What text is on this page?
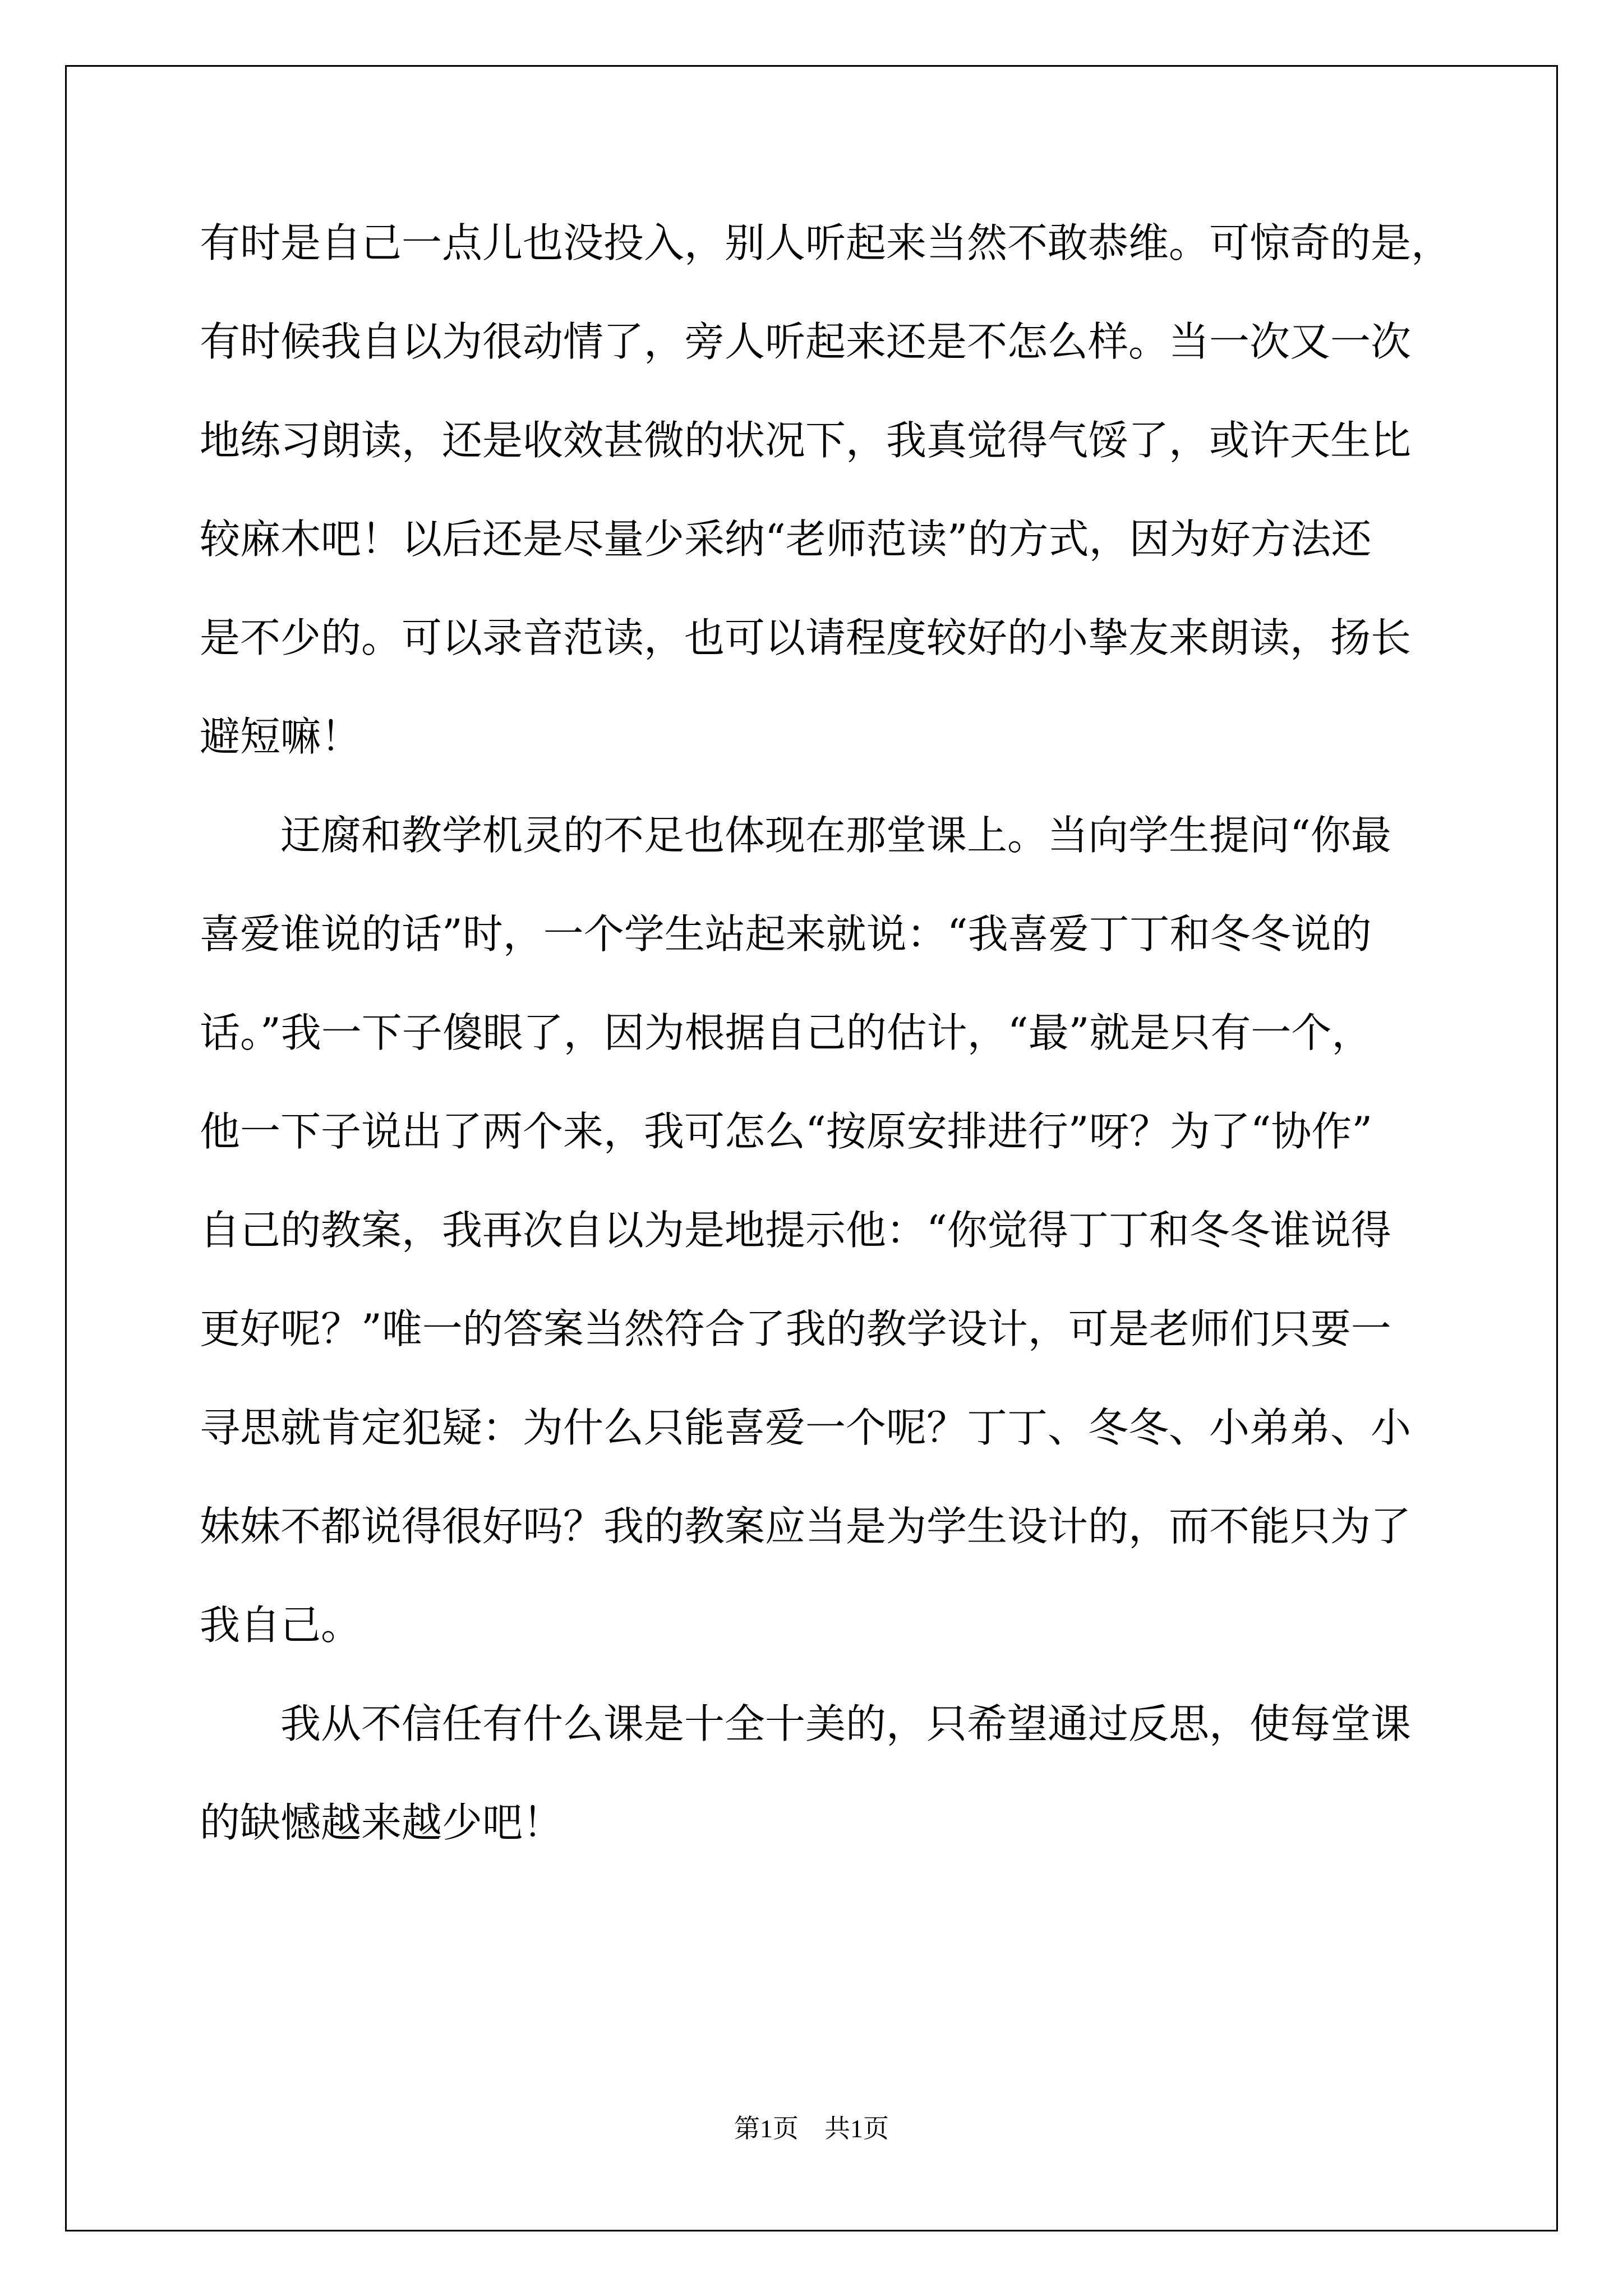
有时是自己一点儿也没投入，别人听起来当然不敢恭维。可惊奇的是，
有时候我自以为很动情了，旁人听起来还是不怎么样。当一次又一次
地练习朗读，还是收效甚微的状况下，我真觉得气馁了，或许天生比
较麻木吧！以后还是尽量少采纳“老师范读”的方式，因为好方法还
是不少的。可以录音范读，也可以请程度较好的小挚友来朗读，扬长
避短嘛！
迂腐和教学机灵的不足也体现在那堂课上。当向学生提问“你最
喜爱谁说的话”时，一个学生站起来就说：“我喜爱丁丁和冬冬说的
话。”我一下子傻眼了，因为根据自己的估计，“最”就是只有一个，
他一下子说出了两个来，我可怎么“按原安排进行”呀？为了“协作”
自己的教案，我再次自以为是地提示他：“你觉得丁丁和冬冬谁说得
更好呢？”唯一的答案当然符合了我的教学设计，可是老师们只要一
寻思就肯定犯疑：为什么只能喜爱一个呢？丁丁、冬冬、小弟弟、小
妹妹不都说得很好吗？我的教案应当是为学生设计的，而不能只为了
我自己。
我从不信任有什么课是十全十美的，只希望通过反思，使每堂课
的缺憾越来越少吧！
第1页　共1页
